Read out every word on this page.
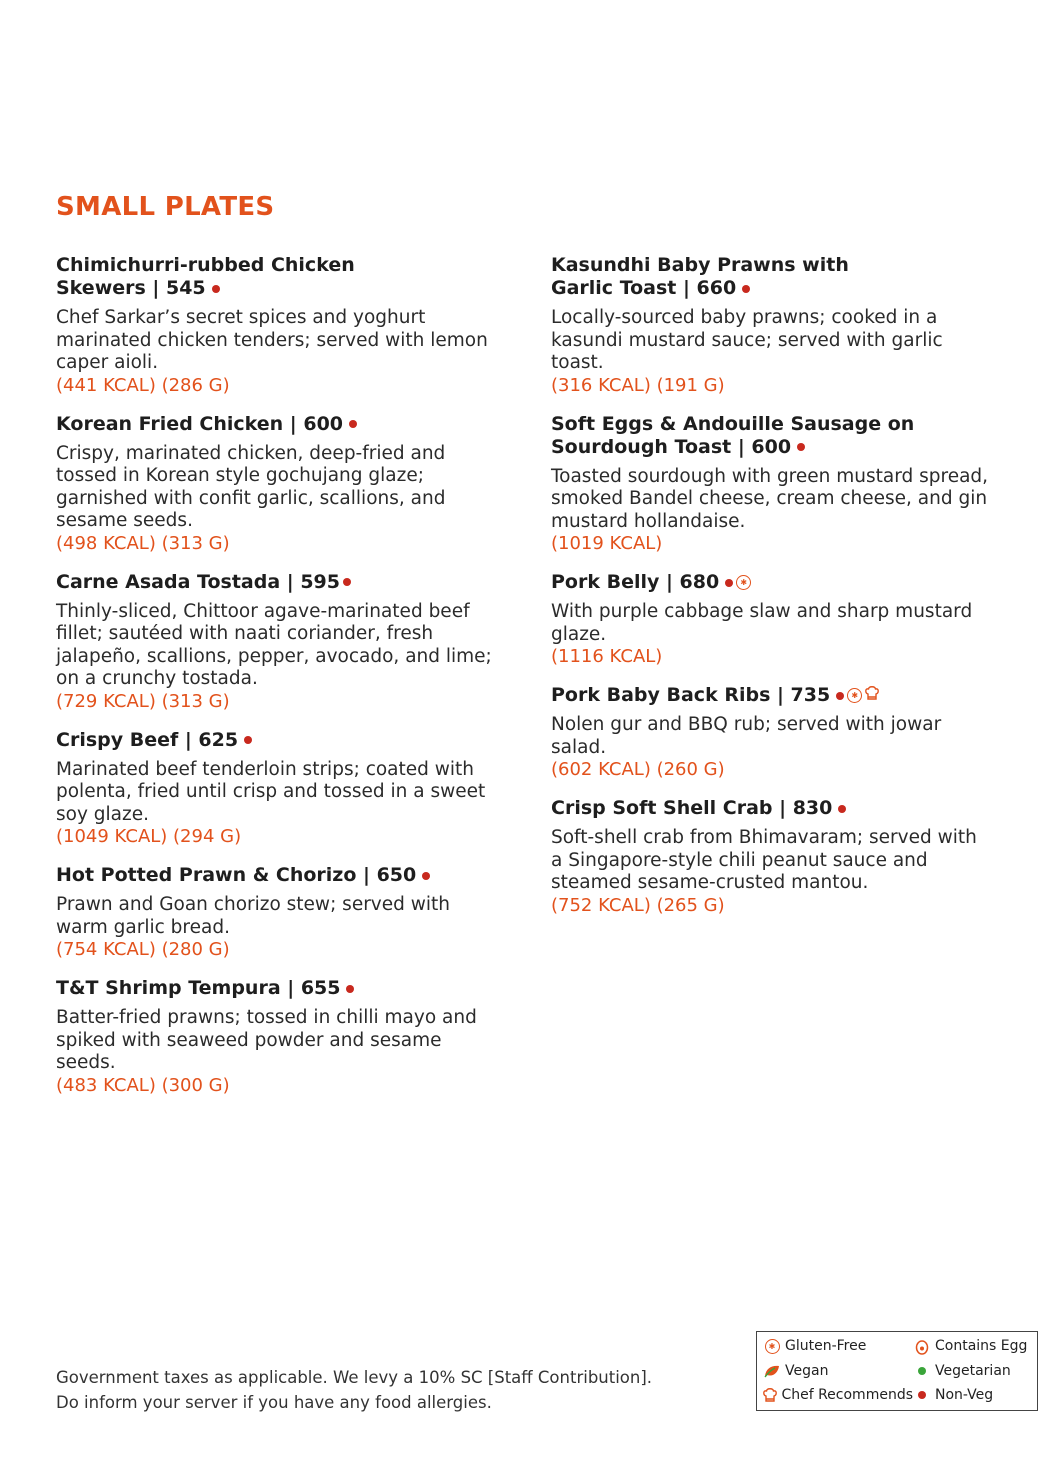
SMALL PLATES
Chimichurri-rubbed Chicken
Skewers | 545
Chef Sarkar’s secret spices and yoghurt marinated chicken tenders; served with lemon caper aioli.
(441 KCAL) (286 G)
Korean Fried Chicken | 600
Crispy, marinated chicken, deep-fried and tossed in Korean style gochujang glaze; garnished with confit garlic, scallions, and sesame seeds.
(498 KCAL) (313 G)
Carne Asada Tostada | 595
Thinly-sliced, Chittoor agave-marinated beef fillet; sautéed with naati coriander, fresh jalapeño, scallions, pepper, avocado, and lime; on a crunchy tostada.
(729 KCAL) (313 G)
Crispy Beef | 625
Marinated beef tenderloin strips; coated with polenta, fried until crisp and tossed in a sweet soy glaze.
(1049 KCAL) (294 G)
Hot Potted Prawn & Chorizo | 650
Prawn and Goan chorizo stew; served with warm garlic bread.
(754 KCAL) (280 G)
T&T Shrimp Tempura | 655
Batter-fried prawns; tossed in chilli mayo and spiked with seaweed powder and sesame seeds.
(483 KCAL) (300 G)
Kasundhi Baby Prawns with
Garlic Toast | 660
Locally-sourced baby prawns; cooked in a kasundi mustard sauce; served with garlic toast.
(316 KCAL) (191 G)
Soft Eggs & Andouille Sausage on
Sourdough Toast | 600
Toasted sourdough with green mustard spread, smoked Bandel cheese, cream cheese, and gin mustard hollandaise.
(1019 KCAL)
Pork Belly | 680	✱
With purple cabbage slaw and sharp mustard glaze.
(1116 KCAL)
Pork Baby Back Ribs | 735	✱
Nolen gur and BBQ rub; served with jowar salad.
(602 KCAL) (260 G)
Crisp Soft Shell Crab | 830
Soft-shell crab from Bhimavaram; served with a Singapore-style chili peanut sauce and steamed sesame-crusted mantou.
(752 KCAL) (265 G)
Government taxes as applicable. We levy a 10% SC [Staff Contribution].
Do inform your server if you have any food allergies.
✱ Gluten-Free	Contains Egg
Vegan	Vegetarian
Chef Recommends Non-Veg
